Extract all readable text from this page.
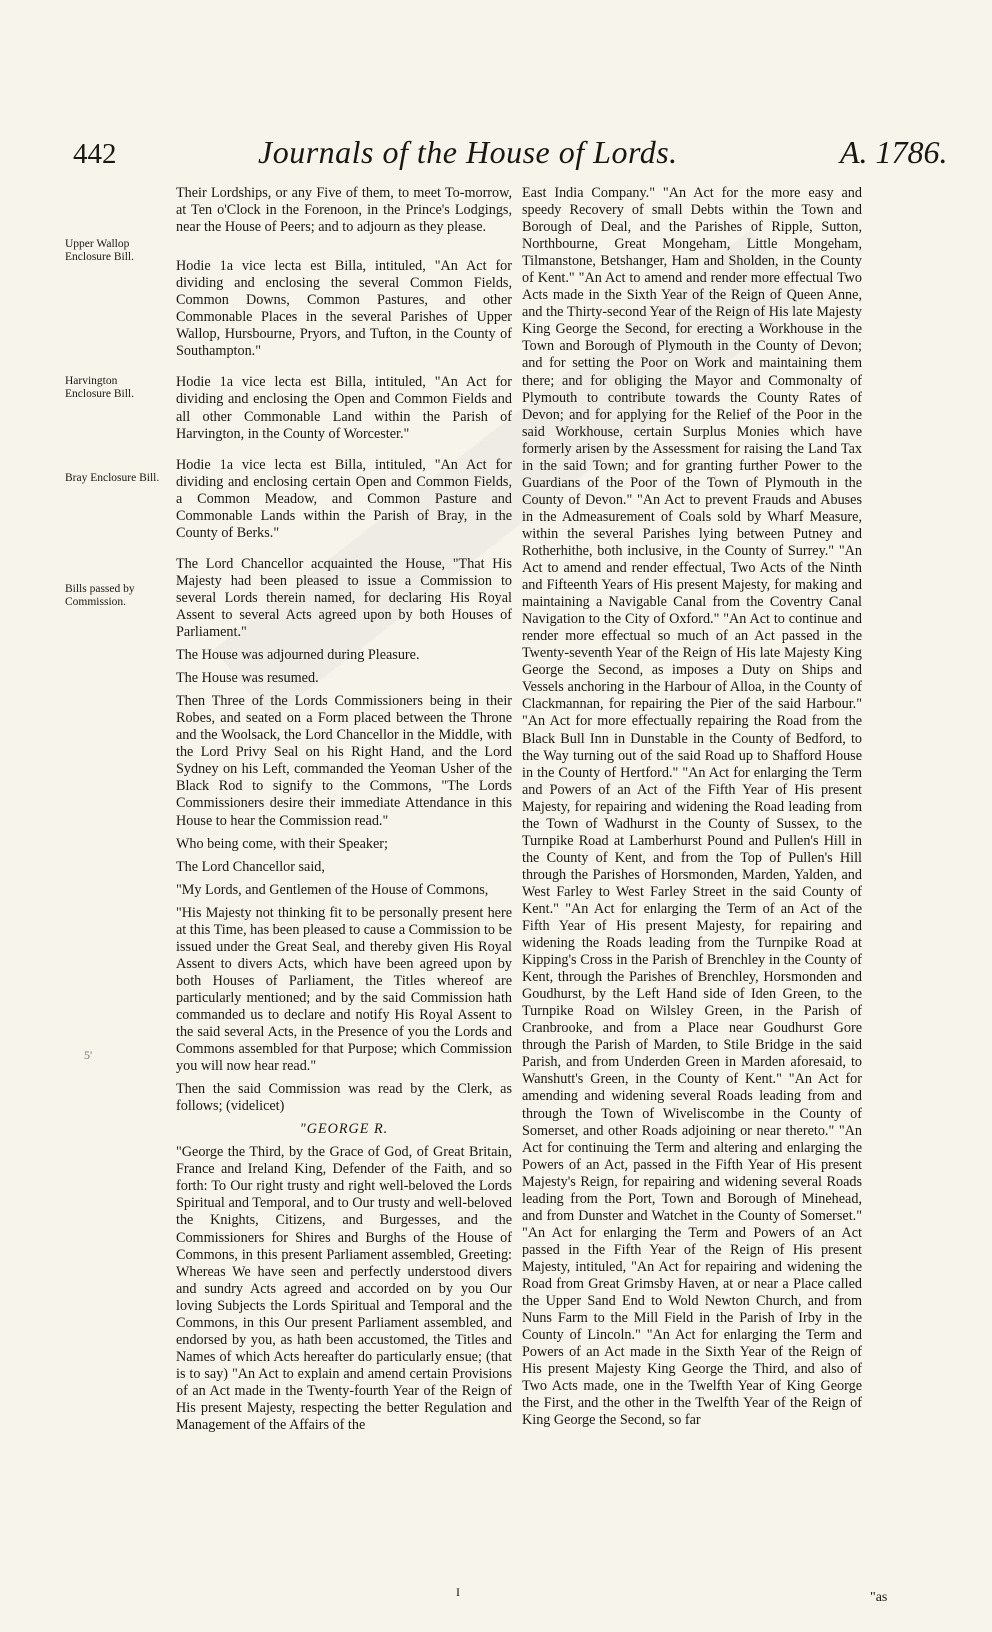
442	Journals of the House of Lords.	A. 1786.
Upper Wallop Enclosure Bill.
Harvington Enclosure Bill.
Bray Enclosure Bill.
Bills passed by Commission.

Their Lordships, or any Five of them, to meet To-morrow, at Ten o'Clock in the Forenoon, in the Prince's Lodgings, near the House of Peers; and to adjourn as they please.

Hodie 1a vice lecta est Billa, intituled, "An Act for dividing and enclosing the several Common Fields, Common Downs, Common Pastures, and other Commonable Places in the several Parishes of Upper Wallop, Hursbourne, Pryors, and Tufton, in the County of Southampton."

Hodie 1a vice lecta est Billa, intituled, "An Act for dividing and enclosing the Open and Common Fields and all other Commonable Land within the Parish of Harvington, in the County of Worcester."

Hodie 1a vice lecta est Billa, intituled, "An Act for dividing and enclosing certain Open and Common Fields, a Common Meadow, and Common Pasture and Commonable Lands within the Parish of Bray, in the County of Berks."

The Lord Chancellor acquainted the House, "That His Majesty had been pleased to issue a Commission to several Lords therein named, for declaring His Royal Assent to several Acts agreed upon by both Houses of Parliament."

The House was adjourned during Pleasure.

The House was resumed.

Then Three of the Lords Commissioners being in their Robes, and seated on a Form placed between the Throne and the Woolsack, the Lord Chancellor in the Middle, with the Lord Privy Seal on his Right Hand, and the Lord Sydney on his Left, commanded the Yeoman Usher of the Black Rod to signify to the Commons, "The Lords Commissioners desire their immediate Attendance in this House to hear the Commission read."

Who being come, with their Speaker;

The Lord Chancellor said,

"My Lords, and Gentlemen of the House of Commons,

"His Majesty not thinking fit to be personally present here at this Time, has been pleased to cause a Commission to be issued under the Great Seal, and thereby given His Royal Assent to divers Acts, which have been agreed upon by both Houses of Parliament, the Titles whereof are particularly mentioned; and by the said Commission hath commanded us to declare and notify His Royal Assent to the said several Acts, in the Presence of you the Lords and Commons assembled for that Purpose; which Commission you will now hear read."

Then the said Commission was read by the Clerk, as follows; (videlicet)

"GEORGE R.

"George the Third, by the Grace of God, of Great Britain, France and Ireland King, Defender of the Faith, and so forth: To Our right trusty and right well-beloved the Lords Spiritual and Temporal, and to Our trusty and well-beloved the Knights, Citizens, and Burgesses, and the Commissioners for Shires and Burghs of the House of Commons, in this present Parliament assembled, Greeting: Whereas We have seen and perfectly understood divers and sundry Acts agreed and accorded on by you Our loving Subjects the Lords Spiritual and Temporal and the Commons, in this Our present Parliament assembled, and endorsed by you, as hath been accustomed, the Titles and Names of which Acts hereafter do particularly ensue; (that is to say) "An Act to explain and amend certain Provisions of an Act made in the Twenty-fourth Year of the Reign of His present Majesty, respecting the better Regulation and Management of the Affairs of the

East India Company." "An Act for the more easy and speedy Recovery of small Debts within the Town and Borough of Deal, and the Parishes of Ripple, Sutton, Northbourne, Great Mongeham, Little Mongeham, Tilmanstone, Betshanger, Ham and Sholden, in the County of Kent." "An Act to amend and render more effectual Two Acts made in the Sixth Year of the Reign of Queen Anne, and the Thirty-second Year of the Reign of His late Majesty King George the Second, for erecting a Workhouse in the Town and Borough of Plymouth in the County of Devon; and for setting the Poor on Work and maintaining them there; and for obliging the Mayor and Commonalty of Plymouth to contribute towards the County Rates of Devon; and for applying for the Relief of the Poor in the said Workhouse, certain Surplus Monies which have formerly arisen by the Assessment for raising the Land Tax in the said Town; and for granting further Power to the Guardians of the Poor of the Town of Plymouth in the County of Devon." "An Act to prevent Frauds and Abuses in the Admeasurement of Coals sold by Wharf Measure, within the several Parishes lying between Putney and Rotherhithe, both inclusive, in the County of Surrey." "An Act to amend and render effectual, Two Acts of the Ninth and Fifteenth Years of His present Majesty, for making and maintaining a Navigable Canal from the Coventry Canal Navigation to the City of Oxford." "An Act to continue and render more effectual so much of an Act passed in the Twenty-seventh Year of the Reign of His late Majesty King George the Second, as imposes a Duty on Ships and Vessels anchoring in the Harbour of Alloa, in the County of Clackmannan, for repairing the Pier of the said Harbour." "An Act for more effectually repairing the Road from the Black Bull Inn in Dunstable in the County of Bedford, to the Way turning out of the said Road up to Shafford House in the County of Hertford." "An Act for enlarging the Term and Powers of an Act of the Fifth Year of His present Majesty, for repairing and widening the Road leading from the Town of Wadhurst in the County of Sussex, to the Turnpike Road at Lamberhurst Pound and Pullen's Hill in the County of Kent, and from the Top of Pullen's Hill through the Parishes of Horsmonden, Marden, Yalden, and West Farley to West Farley Street in the said County of Kent." "An Act for enlarging the Term of an Act of the Fifth Year of His present Majesty, for repairing and widening the Roads leading from the Turnpike Road at Kipping's Cross in the Parish of Brenchley in the County of Kent, through the Parishes of Brenchley, Horsmonden and Goudhurst, by the Left Hand side of Iden Green, to the Turnpike Road on Wilsley Green, in the Parish of Cranbrooke, and from a Place near Goudhurst Gore through the Parish of Marden, to Stile Bridge in the said Parish, and from Underden Green in Marden aforesaid, to Wanshutt's Green, in the County of Kent." "An Act for amending and widening several Roads leading from and through the Town of Wiveliscombe in the County of Somerset, and other Roads adjoining or near thereto." "An Act for continuing the Term and altering and enlarging the Powers of an Act, passed in the Fifth Year of His present Majesty's Reign, for repairing and widening several Roads leading from the Port, Town and Borough of Minehead, and from Dunster and Watchet in the County of Somerset." "An Act for enlarging the Term and Powers of an Act passed in the Fifth Year of the Reign of His present Majesty, intituled, "An Act for repairing and widening the Road from Great Grimsby Haven, at or near a Place called the Upper Sand End to Wold Newton Church, and from Nuns Farm to the Mill Field in the Parish of Irby in the County of Lincoln." "An Act for enlarging the Term and Powers of an Act made in the Sixth Year of the Reign of His present Majesty King George the Third, and also of Two Acts made, one in the Twelfth Year of King George the First, and the other in the Twelfth Year of the Reign of King George the Second, so far

5'
I	"as
